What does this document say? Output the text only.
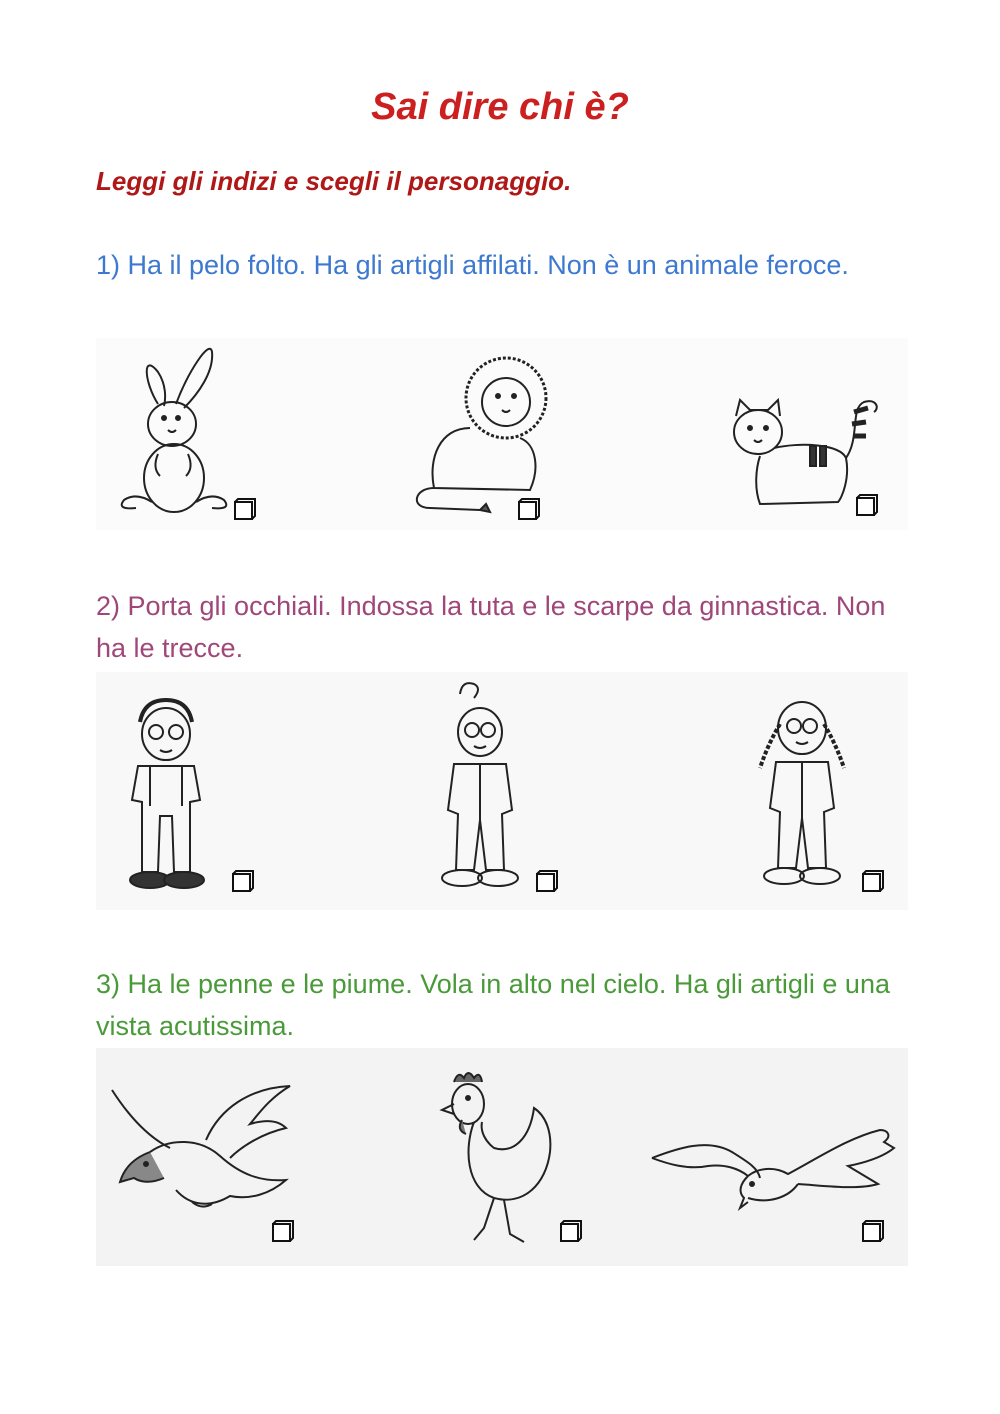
Sai dire chi è?

Leggi gli indizi e scegli il personaggio.

1) Ha il pelo folto. Ha gli artigli affilati. Non è un animale feroce.

2) Porta gli occhiali. Indossa la tuta e le scarpe da ginnastica. Non ha le trecce.

3) Ha le penne e le piume. Vola in alto nel cielo. Ha gli artigli e una vista acutissima.
